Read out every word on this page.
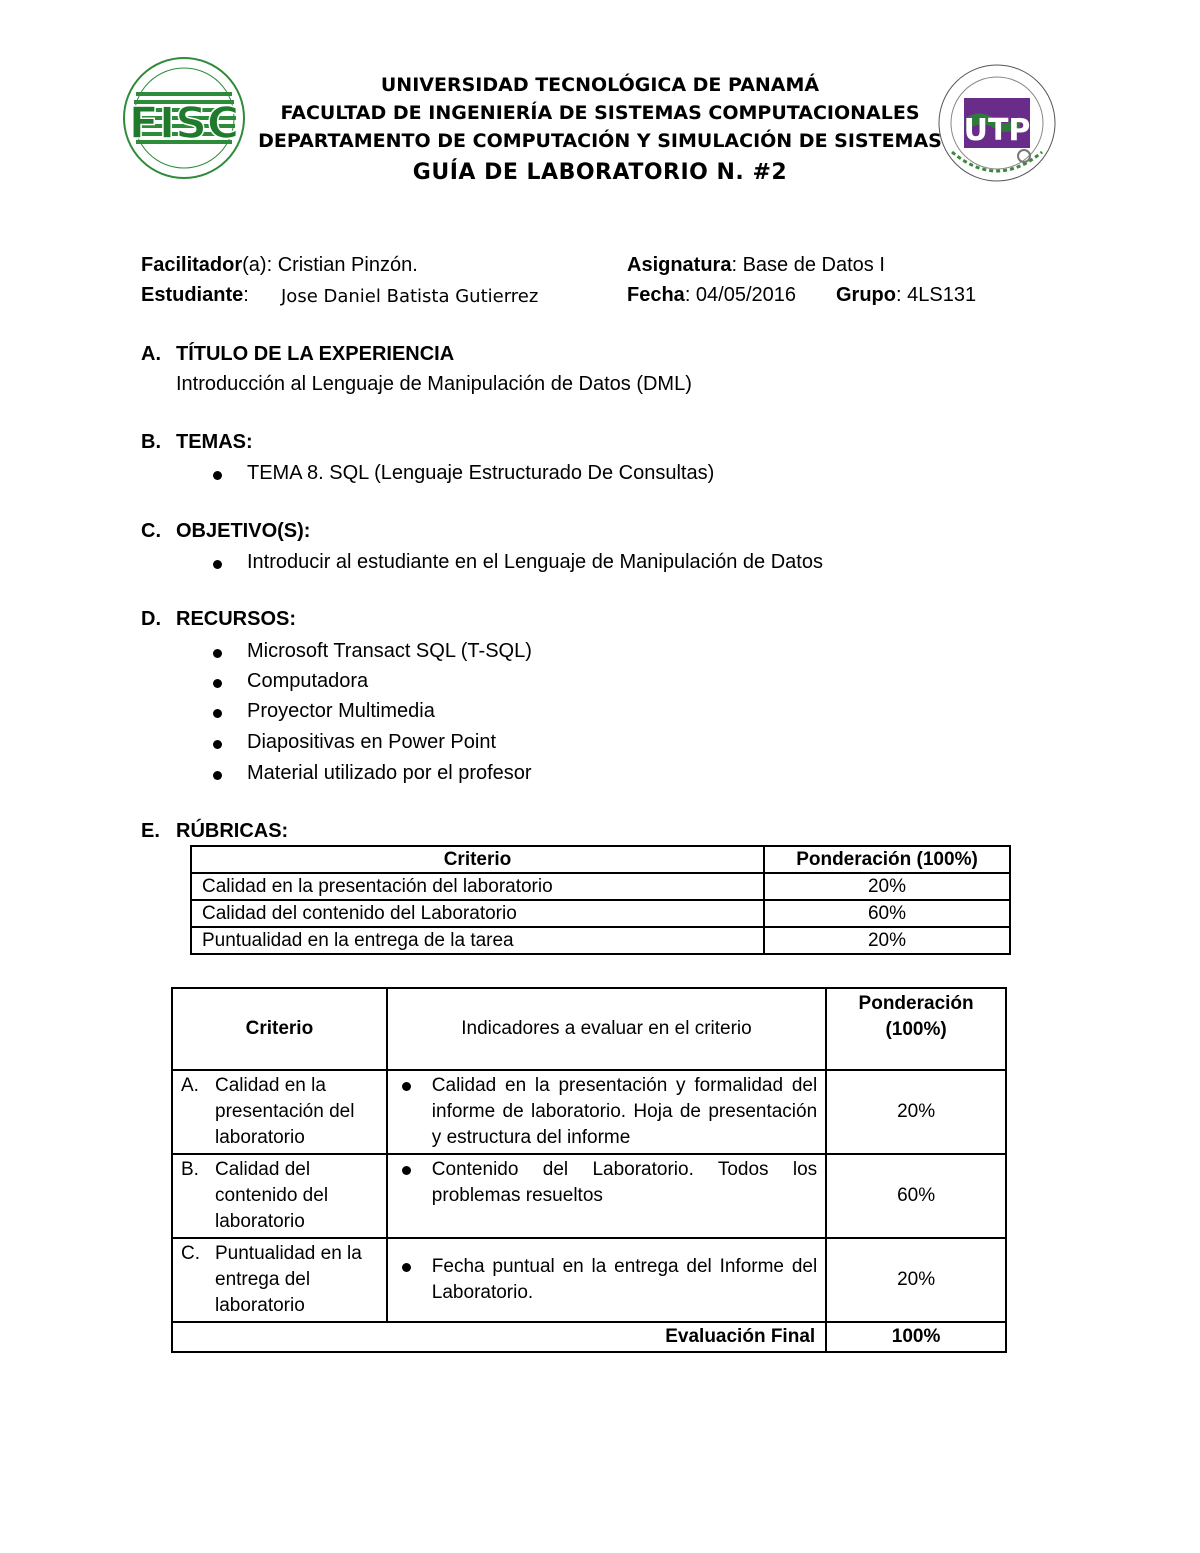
FISC	UTP
UNIVERSIDAD TECNOLÓGICA DE PANAMÁ
FACULTAD DE INGENIERÍA DE SISTEMAS COMPUTACIONALES
DEPARTAMENTO DE COMPUTACIÓN Y SIMULACIÓN DE SISTEMAS
GUÍA DE LABORATORIO N. #2
Facilitador(a): Cristian Pinzón.	Asignatura: Base de Datos I
Estudiante: Jose Daniel Batista Gutierrez	Fecha: 04/05/2016 Grupo: 4LS131
A. TÍTULO DE LA EXPERIENCIA
Introducción al Lenguaje de Manipulación de Datos (DML)
B. TEMAS:
TEMA 8. SQL (Lenguaje Estructurado De Consultas)
C. OBJETIVO(S):
Introducir al estudiante en el Lenguaje de Manipulación de Datos
D. RECURSOS:
Microsoft Transact SQL (T-SQL)
Computadora
Proyector Multimedia
Diapositivas en Power Point
Material utilizado por el profesor
E. RÚBRICAS:
Criterio	Ponderación (100%)
Calidad en la presentación del laboratorio	20%
Calidad del contenido del Laboratorio	60%
Puntualidad en la entrega de la tarea	20%
Criterio	Indicadores a evaluar en el criterio	Ponderación (100%)

A. Calidad en la presentación del laboratorio	Calidad en la presentación y formalidad del informe de laboratorio. Hoja de presentación y estructura del informe	20%

B. Calidad del contenido del laboratorio	Contenido del Laboratorio. Todos los problemas resueltos	60%

C. Puntualidad en la entrega del laboratorio	Fecha puntual en la entrega del Informe del Laboratorio.	20%
Evaluación Final		100%
